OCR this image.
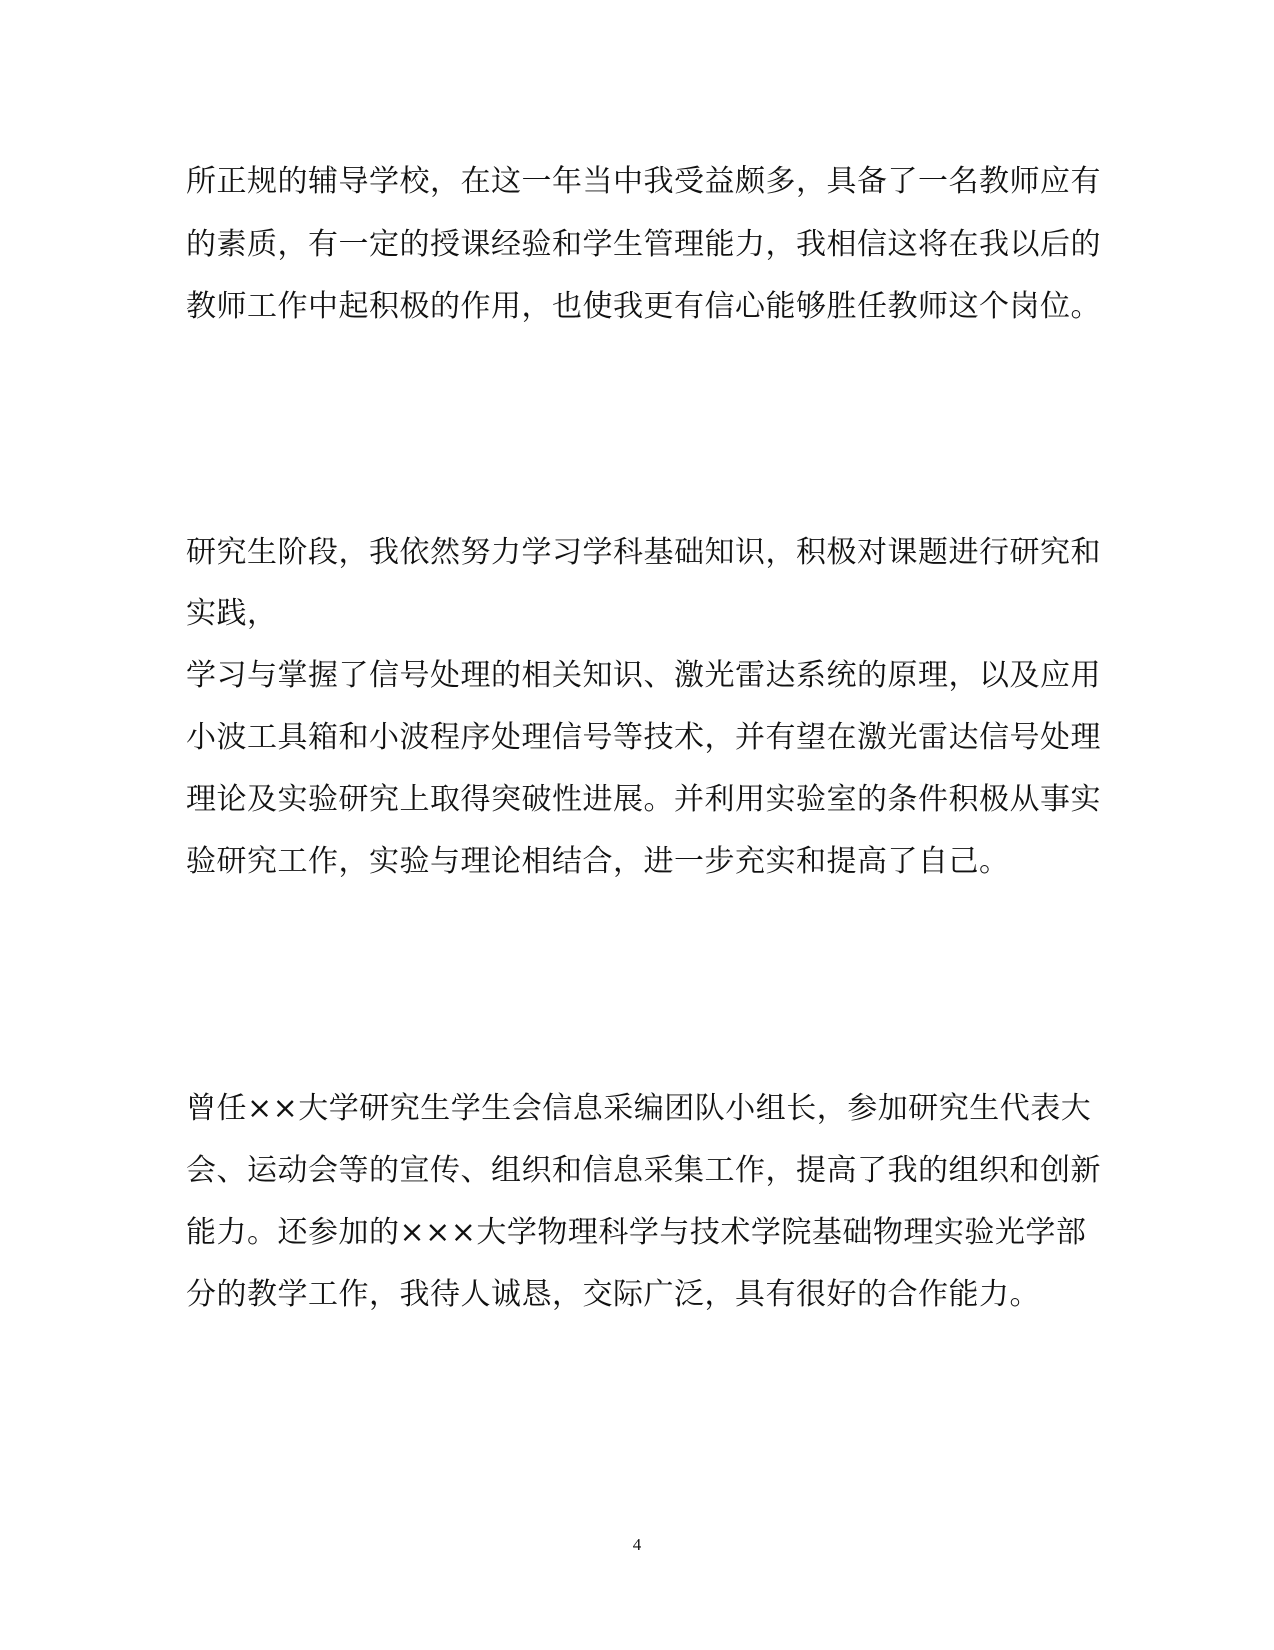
所正规的辅导学校，在这一年当中我受益颇多，具备了一名教师应有
的素质，有一定的授课经验和学生管理能力，我相信这将在我以后的
教师工作中起积极的作用，也使我更有信心能够胜任教师这个岗位。
研究生阶段，我依然努力学习学科基础知识，积极对课题进行研究和
实践，
学习与掌握了信号处理的相关知识、激光雷达系统的原理，以及应用
小波工具箱和小波程序处理信号等技术，并有望在激光雷达信号处理
理论及实验研究上取得突破性进展。并利用实验室的条件积极从事实
验研究工作，实验与理论相结合，进一步充实和提高了自己。
曾任××大学研究生学生会信息采编团队小组长，参加研究生代表大
会、运动会等的宣传、组织和信息采集工作，提高了我的组织和创新
能力。还参加的×××大学物理科学与技术学院基础物理实验光学部
分的教学工作，我待人诚恳，交际广泛，具有很好的合作能力。
4
